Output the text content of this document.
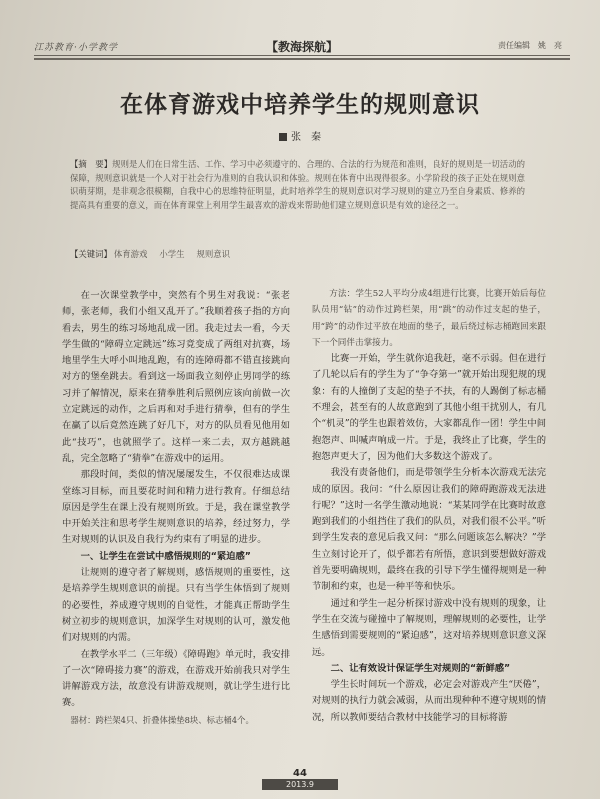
江苏教育·小学教学	【教海探航】	责任编辑　姚　亮
在体育游戏中培养学生的规则意识
张　秦
【摘　要】规则是人们在日常生活、工作、学习中必须遵守的、合理的、合法的行为规范和准则，良好的规则是一切活动的保障，规则意识就是一个人对于社会行为准则的自我认识和体验。规则在体育中出现得很多。小学阶段的孩子正处在规则意识萌芽期，是非观念很模糊，自我中心的思维特征明显，此时培养学生的规则意识对学习规则的建立乃至自身素质、修养的提高具有重要的意义，而在体育课堂上利用学生最喜欢的游戏来帮助他们建立规则意识是有效的途径之一。
【关键词】 体育游戏 小学生 规则意识

在一次课堂教学中，突然有个男生对我说：“张老师，张老师，我们小组又乱开了。”我顺着孩子指的方向看去，男生的练习场地乱成一团。我走过去一看，今天学生做的“障碍立定跳远”练习竟变成了两组对抗赛，场地里学生大呼小叫地乱跑，有的连障碍都不错直接跳向对方的堡垒跳去。看到这一场面我立刻停止男同学的练习并了解情况，原来在猜拳胜利后照例应该向前做一次立定跳远的动作，之后再和对手进行猜拳，但有的学生在赢了以后竟然连跳了好几下，对方的队员看见他用如此“技巧”，也就照学了。这样一来二去，双方越跳越乱，完全忽略了“猜拳”在游戏中的运用。

那段时间，类似的情况屡屡发生，不仅很难达成课堂练习目标，而且要花时间和精力进行教育。仔细总结原因是学生在课上没有规则所致。于是，我在课堂教学中开始关注和思考学生规则意识的培养，经过努力，学生对规则的认识及自我行为约束有了明显的进步。

一、让学生在尝试中感悟规则的“紧迫感”

让规则的遵守者了解规则，感悟规则的重要性，这是培养学生规则意识的前提。只有当学生体悟到了规则的必要性，养成遵守规则的自觉性，才能真正帮助学生树立初步的规则意识，加深学生对规则的认可，激发他们对规则的内需。

在教学水平二（三年级）《障碍跑》单元时，我安排了一次“障碍接力赛”的游戏，在游戏开始前我只对学生讲解游戏方法，故意没有讲游戏规则，就让学生进行比赛。

器材：跨栏架4只、折叠体操垫8块、标志桶4个。

方法：学生52人平均分成4组进行比赛，比赛开始后每位队员用“钻”的动作过跨栏架，用“跳”的动作过支起的垫子，用“跨”的动作过平放在地面的垫子，最后绕过标志桶跑回来跟下一个同伴击掌接力。

比赛一开始，学生就你追我赶，毫不示弱。但在进行了几轮以后有的学生为了“争夺第一”就开始出现犯规的现象：有的人撞倒了支起的垫子不扶，有的人踢倒了标志桶不理会，甚至有的人故意跑到了其他小组干扰别人，有几个“机灵”的学生也跟着效仿，大家都乱作一团！学生中间抱怨声、叫喊声响成一片。于是，我终止了比赛，学生的抱怨声更大了，因为他们大多数这个游戏了。

我没有责备他们，而是带领学生分析本次游戏无法完成的原因。我问：“什么原因让我们的障碍跑游戏无法进行呢？”这时一名学生激动地说：“某某同学在比赛时故意跑到我们的小组挡住了我们的队员，对我们很不公平。”听到学生发表的意见后我又问：“那么问题该怎么解决？”学生立刻讨论开了，似乎都若有所悟，意识到要想做好游戏首先要明确规则，最终在我的引导下学生懂得规则是一种节制和约束，也是一种平等和快乐。

通过和学生一起分析探讨游戏中没有规则的现象，让学生在交流与碰撞中了解规则，理解规则的必要性，让学生感悟到需要规则的“紧迫感”，这对培养规则意识意义深远。

二、让有效设计保证学生对规则的“新鲜感”

学生长时间玩一个游戏，必定会对游戏产生“厌倦”，对规则的执行力就会减弱，从而出现种种不遵守规则的情况，所以教师要结合教材中技能学习的目标将游

44
2013.9
